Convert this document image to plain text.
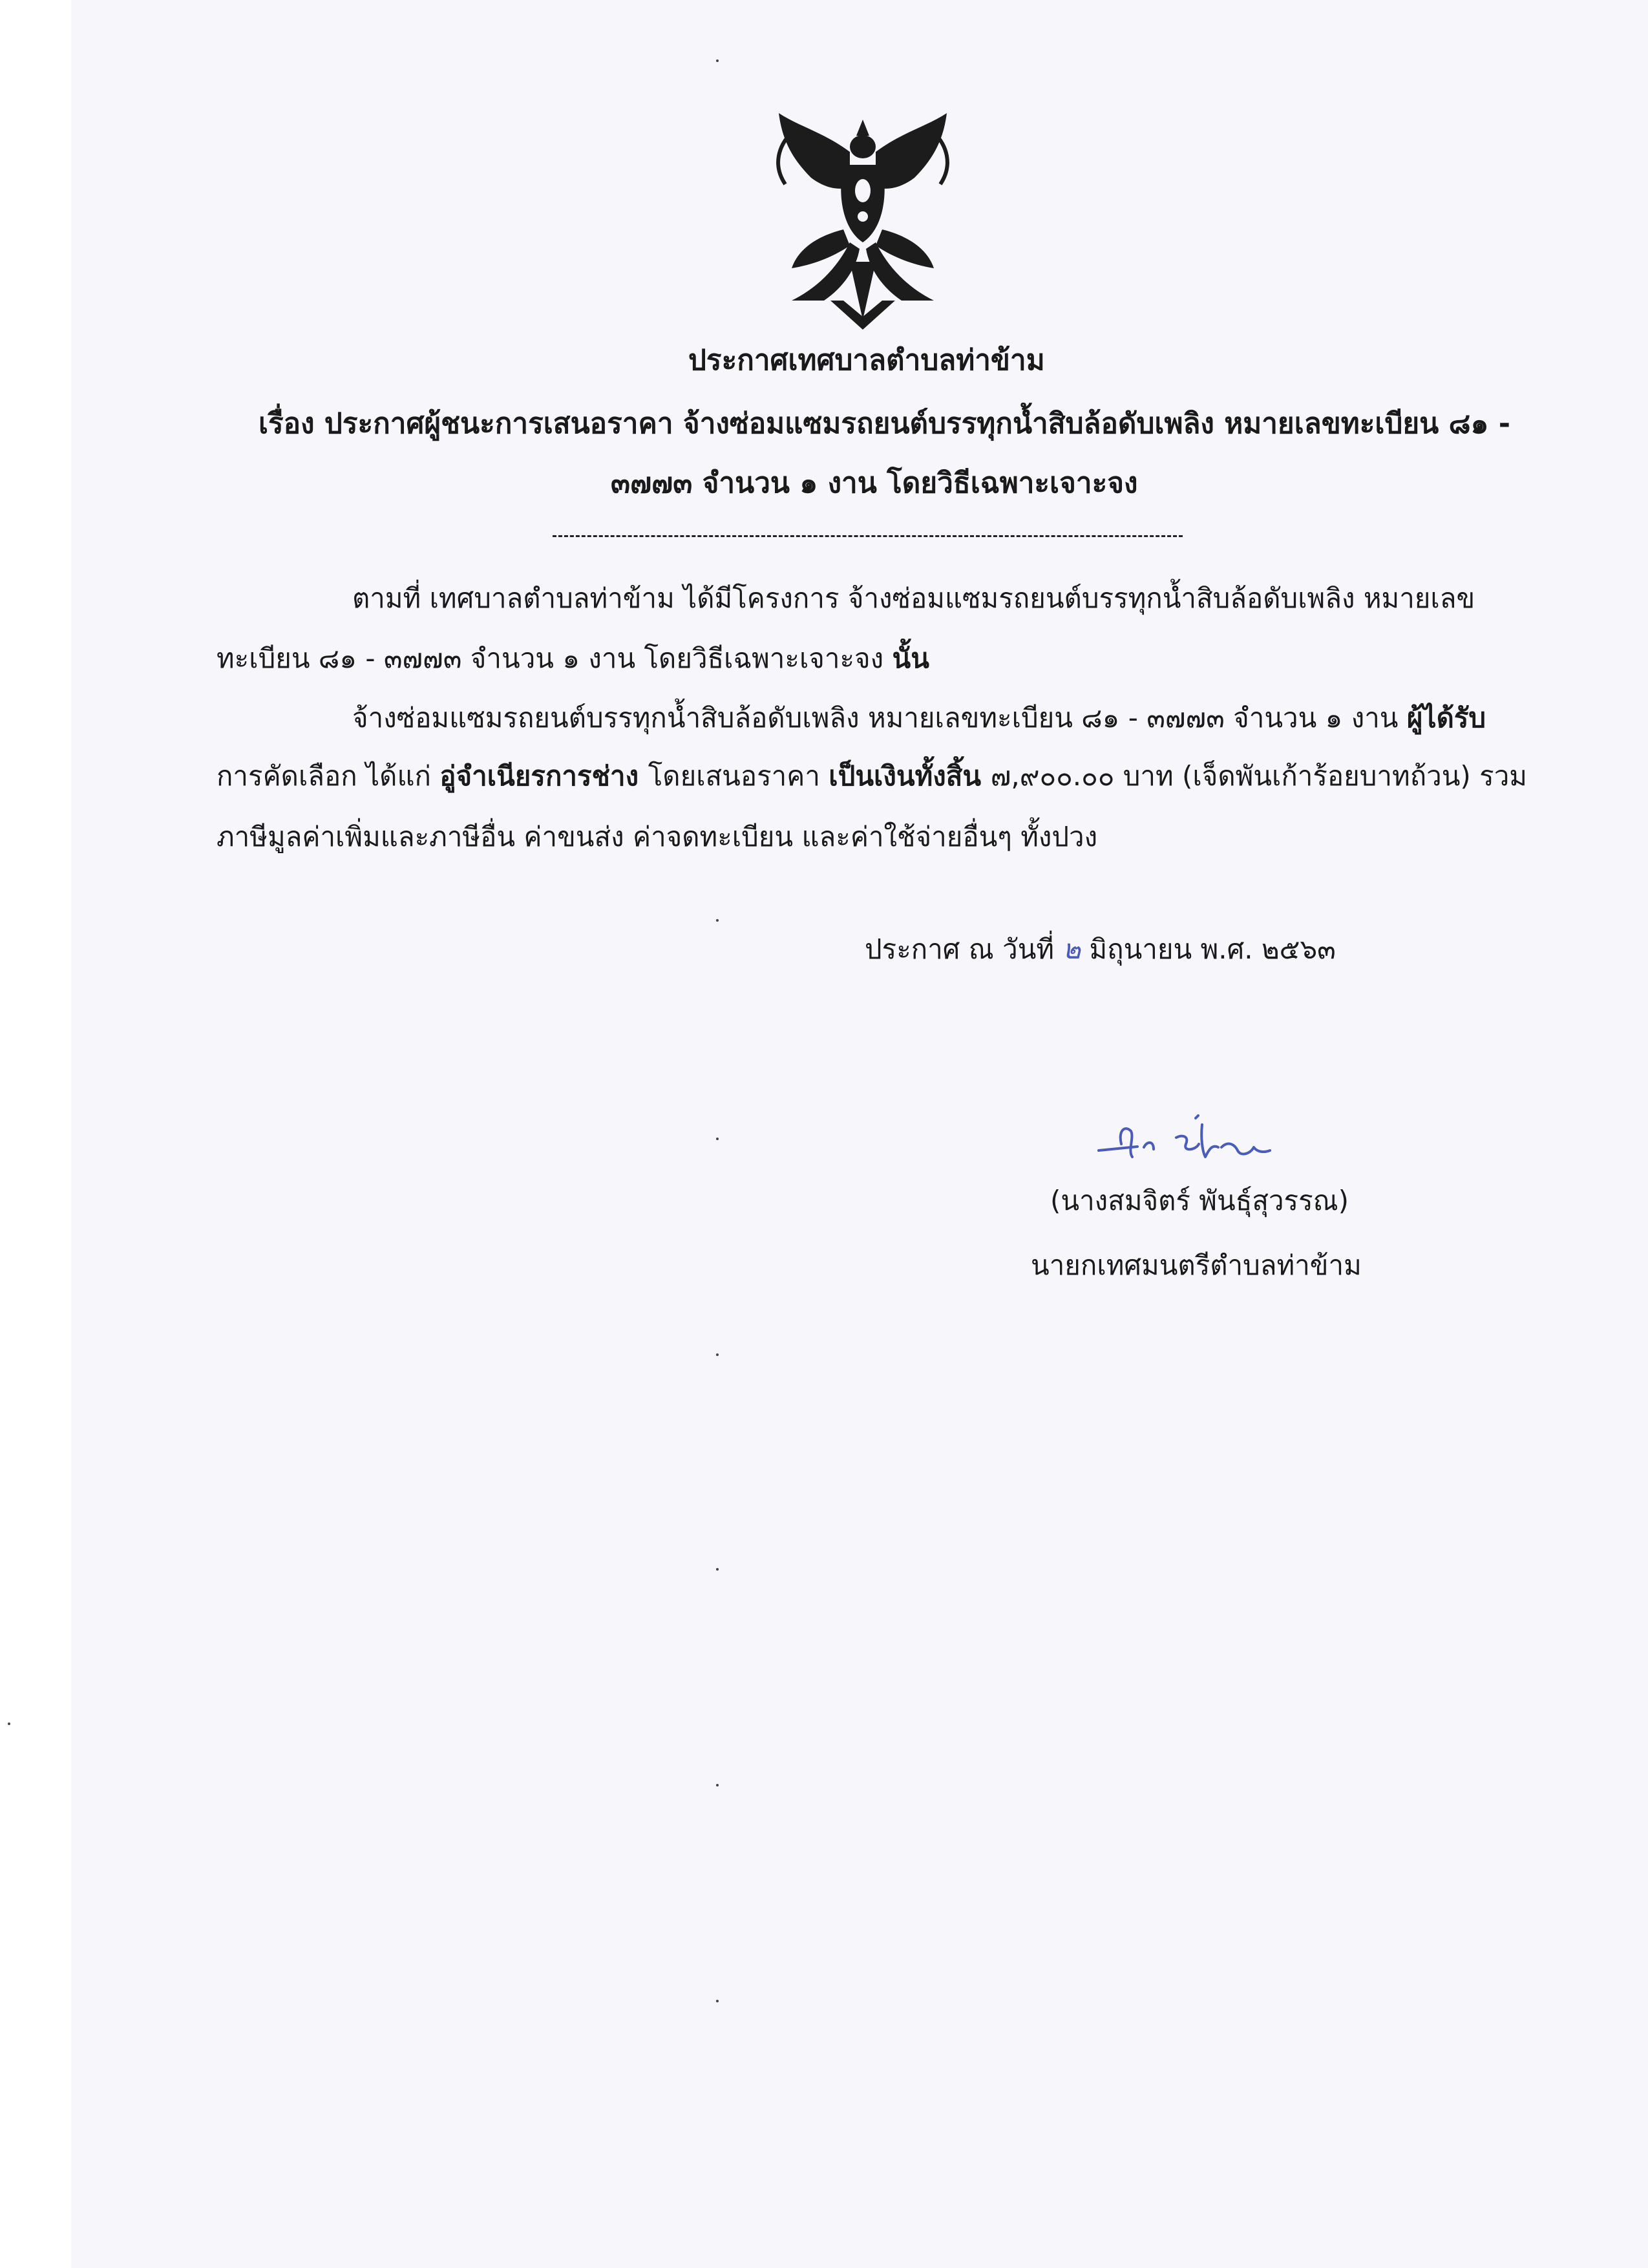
ประกาศเทศบาลตำบลท่าข้าม
เรื่อง ประกาศผู้ชนะการเสนอราคา จ้างซ่อมแซมรถยนต์บรรทุกน้ำสิบล้อดับเพลิง หมายเลขทะเบียน ๘๑ -
๓๗๗๓ จำนวน ๑ งาน โดยวิธีเฉพาะเจาะจง
ตามที่ เทศบาลตำบลท่าข้าม ได้มีโครงการ จ้างซ่อมแซมรถยนต์บรรทุกน้ำสิบล้อดับเพลิง หมายเลข
ทะเบียน ๘๑ - ๓๗๗๓ จำนวน ๑ งาน โดยวิธีเฉพาะเจาะจง นั้น
จ้างซ่อมแซมรถยนต์บรรทุกน้ำสิบล้อดับเพลิง หมายเลขทะเบียน ๘๑ - ๓๗๗๓ จำนวน ๑ งาน ผู้ได้รับ
การคัดเลือก ได้แก่ อู่จำเนียรการช่าง โดยเสนอราคา เป็นเงินทั้งสิ้น ๗,๙๐๐.๐๐ บาท (เจ็ดพันเก้าร้อยบาทถ้วน) รวม
ภาษีมูลค่าเพิ่มและภาษีอื่น ค่าขนส่ง ค่าจดทะเบียน และค่าใช้จ่ายอื่นๆ ทั้งปวง
ประกาศ ณ วันที่ ๒ มิถุนายน พ.ศ. ๒๕๖๓
(นางสมจิตร์ พันธุ์สุวรรณ)
นายกเทศมนตรีตำบลท่าข้าม
